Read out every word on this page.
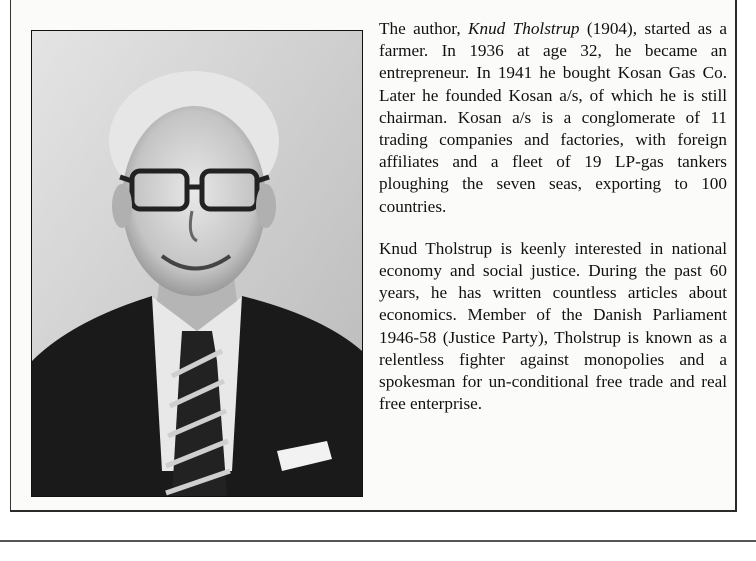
The author, Knud Tholstrup (1904), started as a farmer. In 1936 at age 32, he became an entrepreneur. In 1941 he bought Kosan Gas Co. Later he founded Kosan a/s, of which he is still chairman. Kosan a/s is a conglomerate of 11 trading companies and factories, with foreign affiliates and a fleet of 19 LP-gas tankers ploughing the seven seas, exporting to 100 countries.

Knud Tholstrup is keenly interested in national economy and social justice. During the past 60 years, he has written countless articles about economics. Member of the Danish Parliament 1946-58 (Justice Party), Tholstrup is known as a relentless fighter against monopolies and a spokesman for un-conditional free trade and real free enterprise.
